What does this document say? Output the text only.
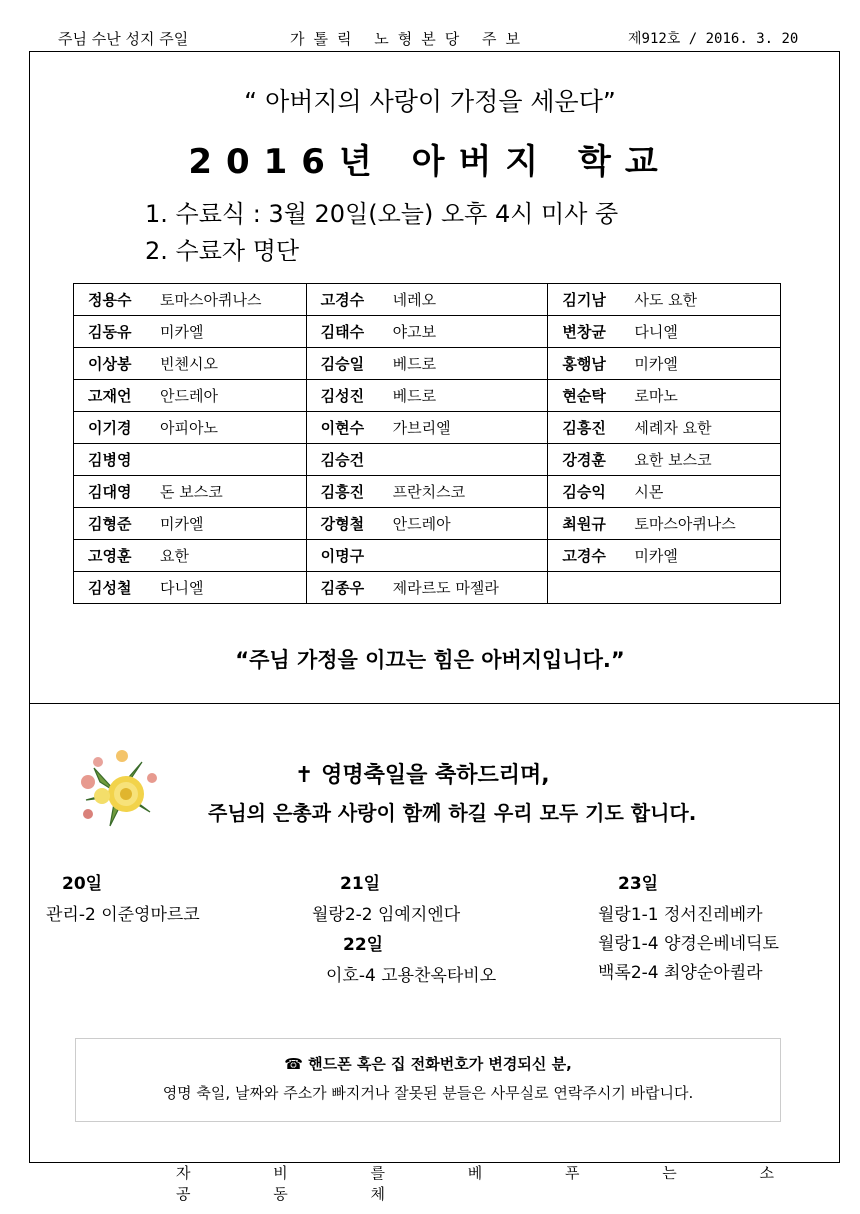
주님 수난 성지 주일	가톨릭 노형본당 주보	제912호 / 2016. 3. 20
“ 아버지의 사랑이 가정을 세운다”
2016년 아버지 학교
1. 수료식 : 3월 20일(오늘) 오후 4시 미사 중
2. 수료자 명단
정용수 토마스아퀴나스	고경수 네레오	김기남 사도 요한
김동유 미카엘	김태수 야고보	변창균 다니엘
이상봉 빈첸시오	김승일 베드로	홍행남 미카엘
고재언 안드레아	김성진 베드로	현순탁 로마노
이기경 아피아노	이현수 가브리엘	김흥진 세례자 요한
김병영	김승건	강경훈 요한 보스코
김대영 돈 보스코	김흥진 프란치스코	김승익 시몬
김형준 미카엘	강형철 안드레아	최원규 토마스아퀴나스
고영훈 요한	이명구	고경수 미카엘
김성철 다니엘	김종우 제라르도 마젤라	
“주님 가정을 이끄는 힘은 아버지입니다.”
✝ 영명축일을 축하드리며,
주님의 은총과 사랑이 함께 하길 우리 모두 기도 합니다.
20일
관리-2 이준영마르코
21일
월랑2-2 임예지엔다
22일
이호-4 고용찬옥타비오
23일
월랑1-1 정서진레베카
월랑1-4 양경은베네딕토
백록2-4 최양순아퀼라
☎ 핸드폰 혹은 집 전화번호가 변경되신 분,
영명 축일, 날짜와 주소가 빠지거나 잘못된 분들은 사무실로 연락주시기 바랍니다.
자 비 를 베 푸 는 소 공 동 체
